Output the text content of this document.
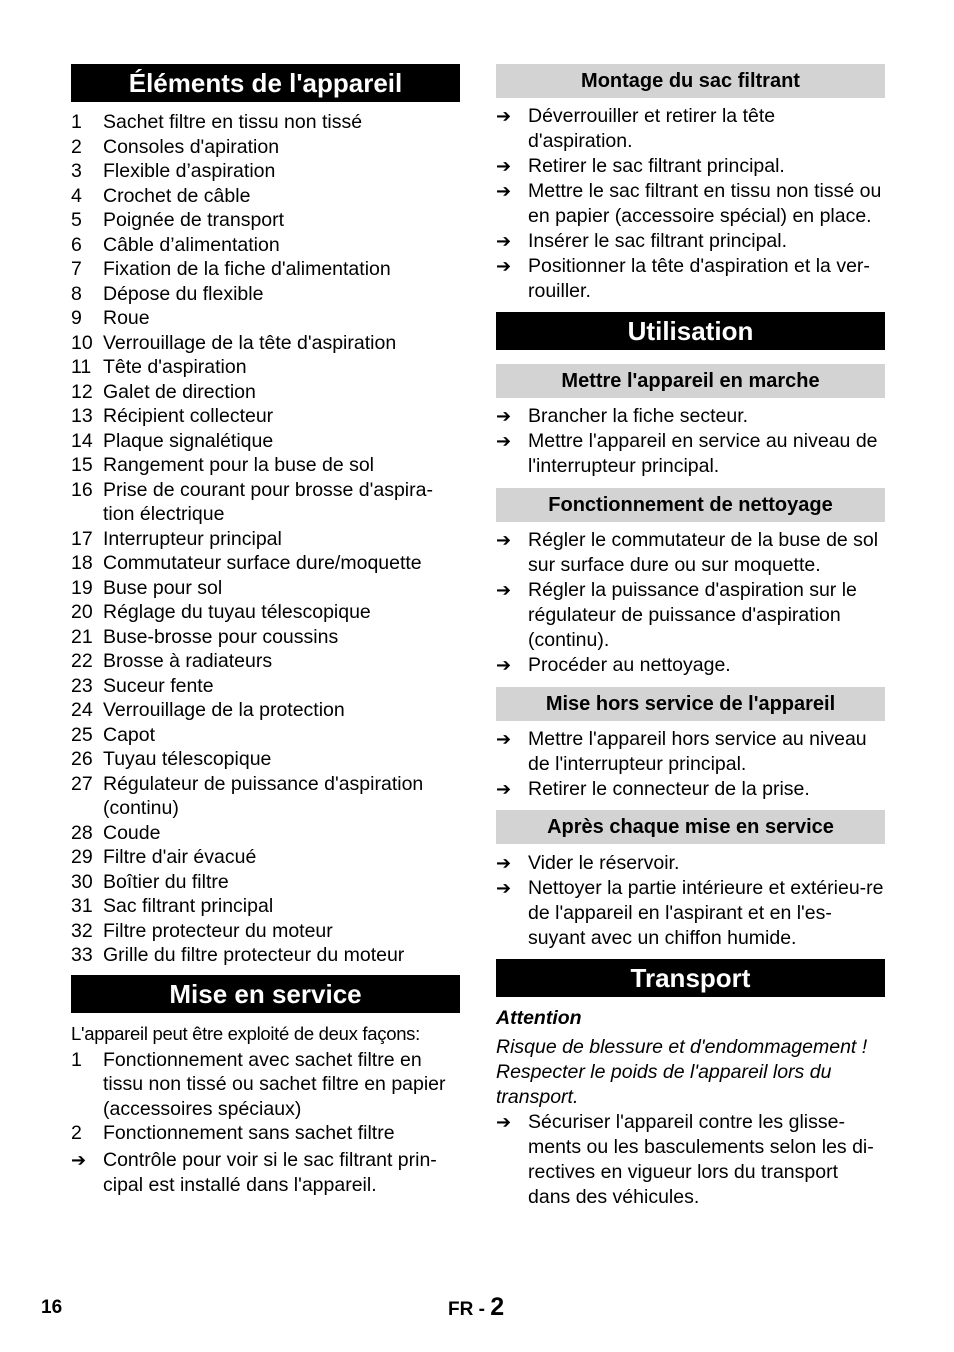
Éléments de l'appareil
1	Sachet filtre en tissu non tissé
2	Consoles d'apiration
3	Flexible d’aspiration
4	Crochet de câble
5	Poignée de transport
6	Câble d’alimentation
7	Fixation de la fiche d'alimentation
8	Dépose du flexible
9	Roue
10 Verrouillage de la tête d'aspiration
11 Tête d'aspiration
12 Galet de direction
13 Récipient collecteur
14 Plaque signalétique
15 Rangement pour la buse de sol
16 Prise de courant pour brosse d'aspira-tion électrique
17 Interrupteur principal
18 Commutateur surface dure/moquette
19 Buse pour sol
20 Réglage du tuyau télescopique
21 Buse-brosse pour coussins
22 Brosse à radiateurs
23 Suceur fente
24 Verrouillage de la protection
25 Capot
26 Tuyau télescopique
27 Régulateur de puissance d'aspiration (continu)
28 Coude
29 Filtre d'air évacué
30 Boîtier du filtre
31 Sac filtrant principal
32 Filtre protecteur du moteur
33 Grille du filtre protecteur du moteur
Mise en service

L'appareil peut être exploité de deux façons:

1	Fonctionnement avec sachet filtre en tissu non tissé ou sachet filtre en papier (accessoires spéciaux)
2	Fonctionnement sans sachet filtre
➔ Contrôle pour voir si le sac filtrant prin-cipal est installé dans l'appareil.
Montage du sac filtrant
➔ Déverrouiller et retirer la tête d'aspiration.
➔ Retirer le sac filtrant principal.
➔ Mettre le sac filtrant en tissu non tissé ou en papier (accessoire spécial) en place.
➔ Insérer le sac filtrant principal.
➔ Positionner la tête d'aspiration et la ver-rouiller.
Utilisation
Mettre l'appareil en marche
➔ Brancher la fiche secteur.
➔ Mettre l'appareil en service au niveau de l'interrupteur principal.
Fonctionnement de nettoyage
➔ Régler le commutateur de la buse de sol sur surface dure ou sur moquette.
➔ Régler la puissance d'aspiration sur le régulateur de puissance d'aspiration (continu).
➔ Procéder au nettoyage.
Mise hors service de l'appareil
➔ Mettre l'appareil hors service au niveau de l'interrupteur principal.
➔ Retirer le connecteur de la prise.
Après chaque mise en service
➔ Vider le réservoir.
➔ Nettoyer la partie intérieure et extérieu-re de l'appareil en l'aspirant et en l'es-suyant avec un chiffon humide.
Transport

Attention

Risque de blessure et d'endommagement ! Respecter le poids de l'appareil lors du transport.

➔ Sécuriser l'appareil contre les glisse-ments ou les basculements selon les di-rectives en vigueur lors du transport dans des véhicules.
16	FR - 2
